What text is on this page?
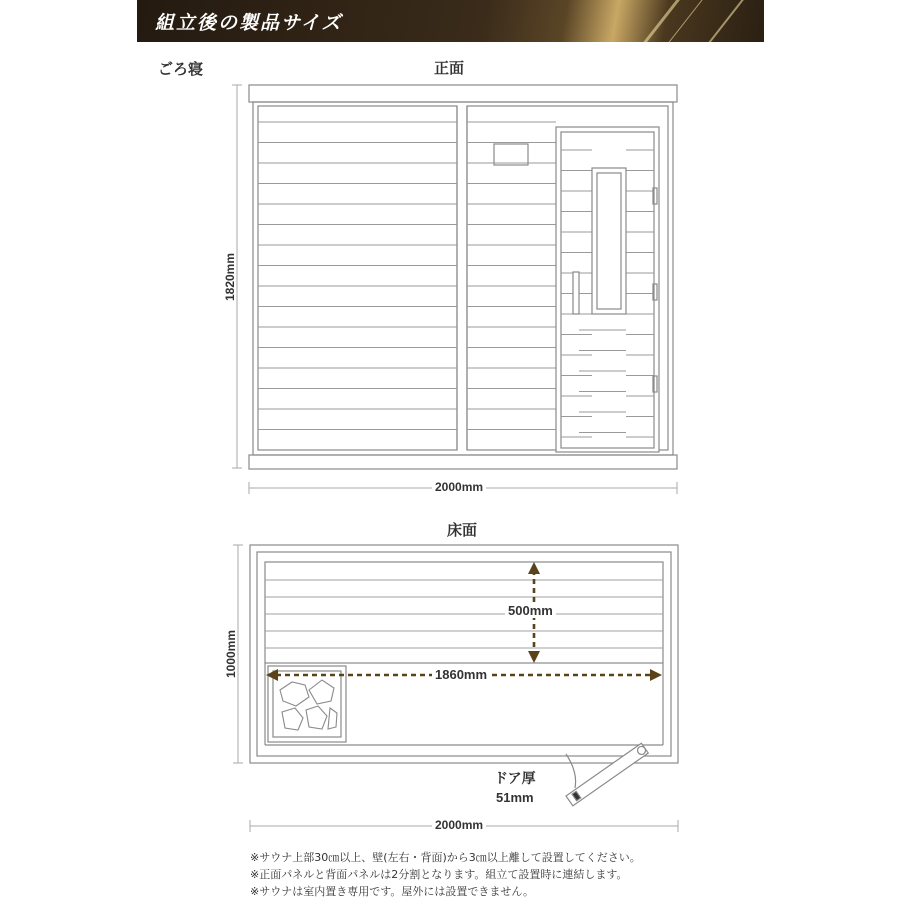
組立後の製品サイズ
ごろ寝	正面
1820mm
2000mm
床面
1000mm
500mm
1860mm
ドア厚
51mm
2000mm
※サウナ上部30㎝以上、壁(左右・背面)から3㎝以上離して設置してください。
※正面パネルと背面パネルは2分割となります。組立て設置時に連結します。
※サウナは室内置き専用です。屋外には設置できません。
